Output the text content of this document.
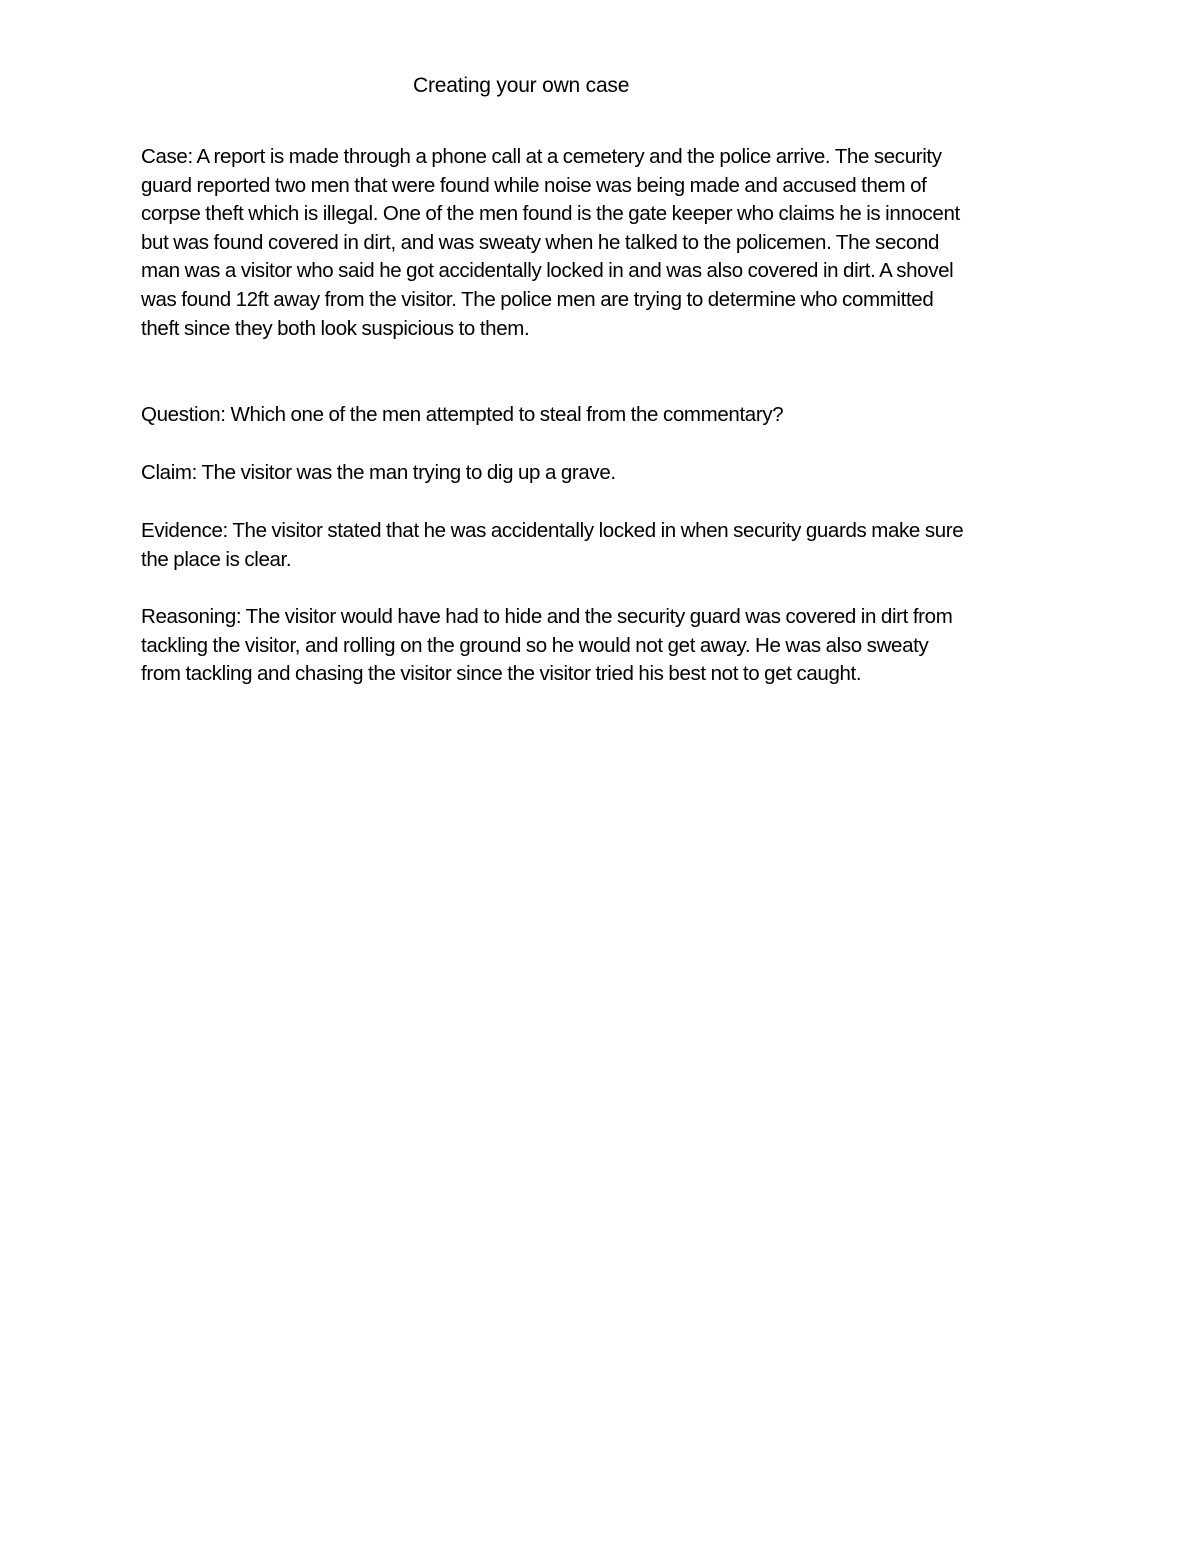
Creating your own case

Case: A report is made through a phone call at a cemetery and the police arrive. The security
guard reported two men that were found while noise was being made and accused them of
corpse theft which is illegal. One of the men found is the gate keeper who claims he is innocent
but was found covered in dirt, and was sweaty when he talked to the policemen. The second
man was a visitor who said he got accidentally locked in and was also covered in dirt. A shovel
was found 12ft away from the visitor. The police men are trying to determine who committed
theft since they both look suspicious to them.

Question: Which one of the men attempted to steal from the commentary?

Claim: The visitor was the man trying to dig up a grave.

Evidence: The visitor stated that he was accidentally locked in when security guards make sure
the place is clear.

Reasoning: The visitor would have had to hide and the security guard was covered in dirt from
tackling the visitor, and rolling on the ground so he would not get away. He was also sweaty
from tackling and chasing the visitor since the visitor tried his best not to get caught.
